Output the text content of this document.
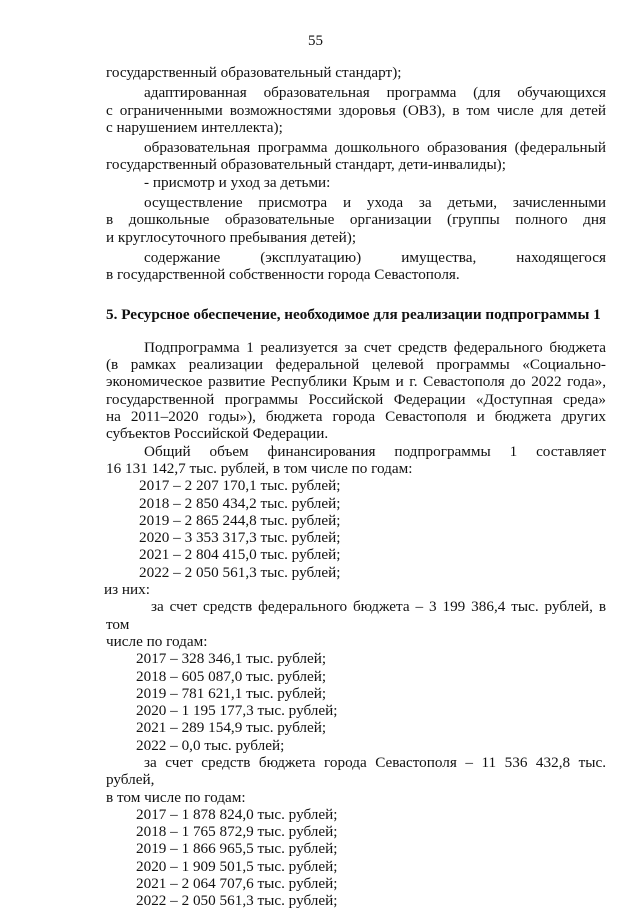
55

государственный образовательный стандарт);

адаптированная образовательная программа (для обучающихся

с ограниченными возможностями здоровья (ОВЗ), в том числе для детей

с нарушением интеллекта);

образовательная программа дошкольного образования (федеральный

государственный образовательный стандарт, дети-инвалиды);

- присмотр и уход за детьми:

осуществление присмотра и ухода за детьми, зачисленными

в дошкольные образовательные организации (группы полного дня

и круглосуточного пребывания детей);

содержание (эксплуатацию) имущества, находящегося

в государственной собственности города Севастополя.

5. Ресурсное обеспечение, необходимое для реализации подпрограммы 1

Подпрограмма 1 реализуется за счет средств федерального бюджета

(в рамках реализации федеральной целевой программы «Социально-

экономическое развитие Республики Крым и г. Севастополя до 2022 года»,

государственной программы Российской Федерации «Доступная среда»

на 2011–2020 годы»), бюджета города Севастополя и бюджета других

субъектов Российской Федерации.

Общий объем финансирования подпрограммы 1 составляет

16 131 142,7 тыс. рублей, в том числе по годам:

2017 – 2 207 170,1 тыс. рублей;

2018 – 2 850 434,2 тыс. рублей;

2019 – 2 865 244,8 тыс. рублей;

2020 – 3 353 317,3 тыс. рублей;

2021 – 2 804 415,0 тыс. рублей;

2022 – 2 050 561,3 тыс. рублей;

из них:

за счет средств федерального бюджета – 3 199 386,4 тыс. рублей, в том

числе по годам:

2017 – 328 346,1 тыс. рублей;

2018 – 605 087,0 тыс. рублей;

2019 – 781 621,1 тыс. рублей;

2020 – 1 195 177,3 тыс. рублей;

2021 – 289 154,9 тыс. рублей;

2022 – 0,0 тыс. рублей;

за счет средств бюджета города Севастополя – 11 536 432,8 тыс. рублей,

в том числе по годам:

2017 – 1 878 824,0 тыс. рублей;

2018 – 1 765 872,9 тыс. рублей;

2019 – 1 866 965,5 тыс. рублей;

2020 – 1 909 501,5 тыс. рублей;

2021 – 2 064 707,6 тыс. рублей;

2022 – 2 050 561,3 тыс. рублей;
